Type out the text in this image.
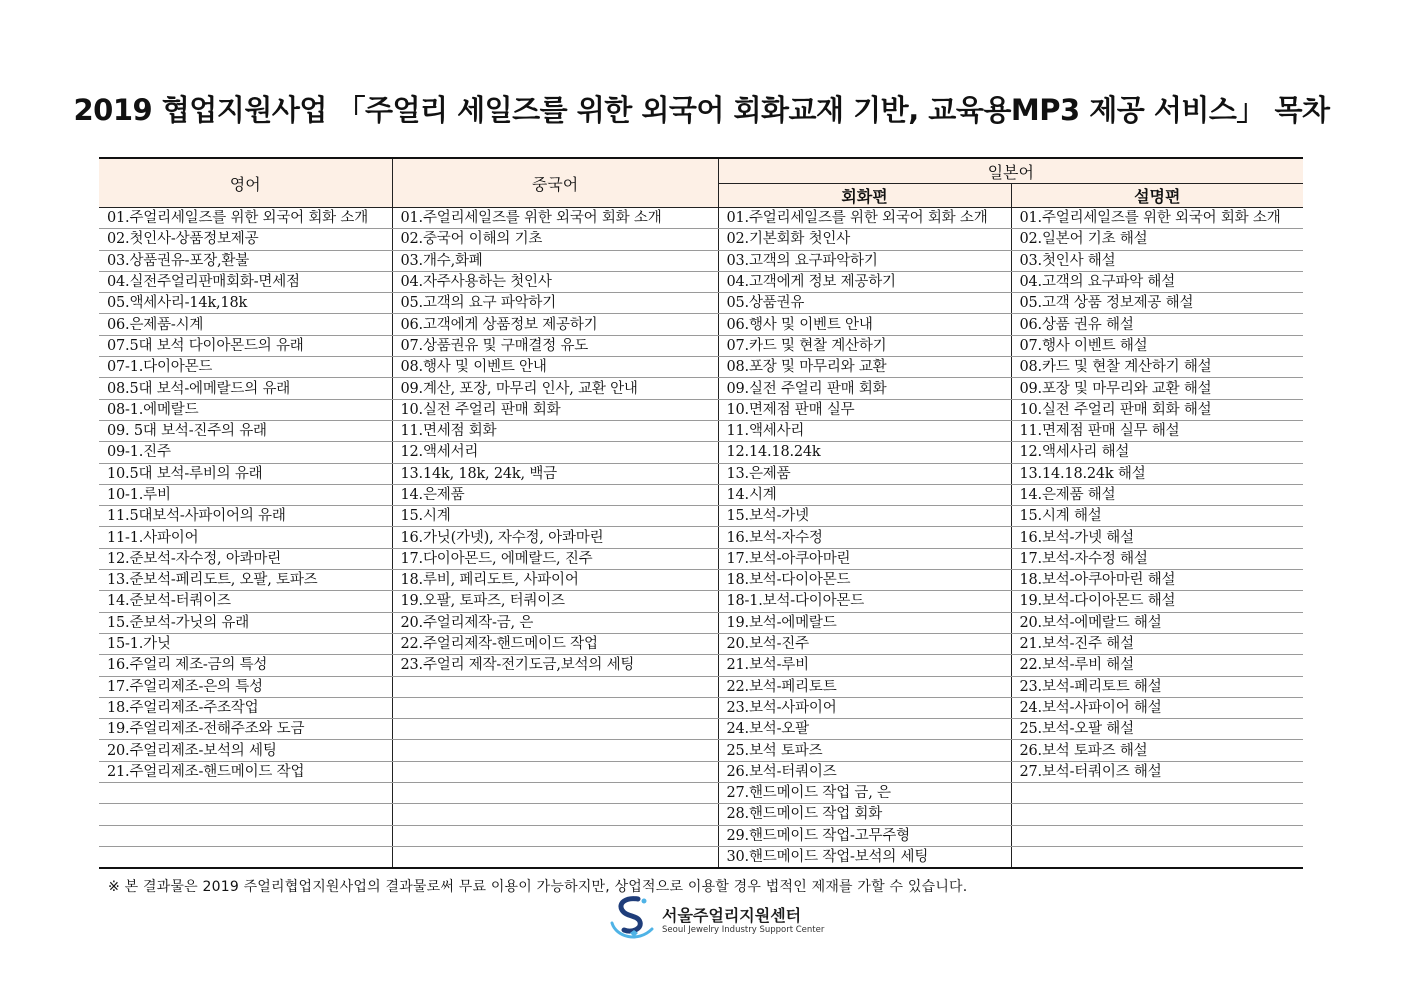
2019 협업지원사업 「주얼리 세일즈를 위한 외국어 회화교재 기반, 교육용MP3 제공 서비스」 목차
영어	중국어	일본어	
		회화편	설명편
01.주얼리세일즈를 위한 외국어 회화 소개	01.주얼리세일즈를 위한 외국어 회화 소개	01.주얼리세일즈를 위한 외국어 회화 소개	01.주얼리세일즈를 위한 외국어 회화 소개
02.첫인사-상품정보제공	02.중국어 이해의 기초	02.기본회화 첫인사	02.일본어 기초 해설
03.상품권유-포장,환불	03.개수,화폐	03.고객의 요구파악하기	03.첫인사 해설
04.실전주얼리판매회화-면세점	04.자주사용하는 첫인사	04.고객에게 정보 제공하기	04.고객의 요구파악 해설
05.액세사리-14k,18k	05.고객의 요구 파악하기	05.상품권유	05.고객 상품 정보제공 해설
06.은제품-시계	06.고객에게 상품정보 제공하기	06.행사 및 이벤트 안내	06.상품 권유 해설
07.5대 보석 다이아몬드의 유래	07.상품권유 및 구매결정 유도	07.카드 및 현찰 계산하기	07.행사 이벤트 해설
07-1.다이아몬드	08.행사 및 이벤트 안내	08.포장 및 마무리와 교환	08.카드 및 현찰 계산하기 해설
08.5대 보석-에메랄드의 유래	09.계산, 포장, 마무리 인사, 교환 안내	09.실전 주얼리 판매 회화	09.포장 및 마무리와 교환 해설
08-1.에메랄드	10.실전 주얼리 판매 회화	10.면제점 판매 실무	10.실전 주얼리 판매 회화 해설
09. 5대 보석-진주의 유래	11.면세점 회화	11.액세사리	11.면제점 판매 실무 해설
09-1.진주	12.액세서리	12.14.18.24k	12.액세사리 해설
10.5대 보석-루비의 유래	13.14k, 18k, 24k, 백금	13.은제품	13.14.18.24k 해설
10-1.루비	14.은제품	14.시계	14.은제품 해설
11.5대보석-사파이어의 유래	15.시계	15.보석-가넷	15.시계 해설
11-1.사파이어	16.가닛(가넷), 자수정, 아콰마린	16.보석-자수정	16.보석-가넷 해설
12.준보석-자수정, 아콰마린	17.다이아몬드, 에메랄드, 진주	17.보석-아쿠아마린	17.보석-자수정 해설
13.준보석-페리도트, 오팔, 토파즈	18.루비, 페리도트, 사파이어	18.보석-다이아몬드	18.보석-아쿠아마린 해설
14.준보석-터쿼이즈	19.오팔, 토파즈, 터쿼이즈	18-1.보석-다이아몬드	19.보석-다이아몬드 해설
15.준보석-가닛의 유래	20.주얼리제작-금, 은	19.보석-에메랄드	20.보석-에메랄드 해설
15-1.가닛	22.주얼리제작-핸드메이드 작업	20.보석-진주	21.보석-진주 해설
16.주얼리 제조-금의 특성	23.주얼리 제작-전기도금,보석의 세팅	21.보석-루비	22.보석-루비 해설
17.주얼리제조-은의 특성		22.보석-페리토트	23.보석-페리토트 해설
18.주얼리제조-주조작업		23.보석-사파이어	24.보석-사파이어 해설
19.주얼리제조-전해주조와 도금		24.보석-오팔	25.보석-오팔 해설
20.주얼리제조-보석의 세팅		25.보석 토파즈	26.보석 토파즈 해설
21.주얼리제조-핸드메이드 작업		26.보석-터쿼이즈	27.보석-터쿼이즈 해설
		27.핸드메이드 작업 금, 은	
		28.핸드메이드 작업 회화	
		29.핸드메이드 작업-고무주형	
		30.핸드메이드 작업-보석의 세팅	
※ 본 결과물은 2019 주얼리협업지원사업의 결과물로써 무료 이용이 가능하지만, 상업적으로 이용할 경우 법적인 제재를 가할 수 있습니다.
서울주얼리지원센터
Seoul Jewelry Industry Support Center
